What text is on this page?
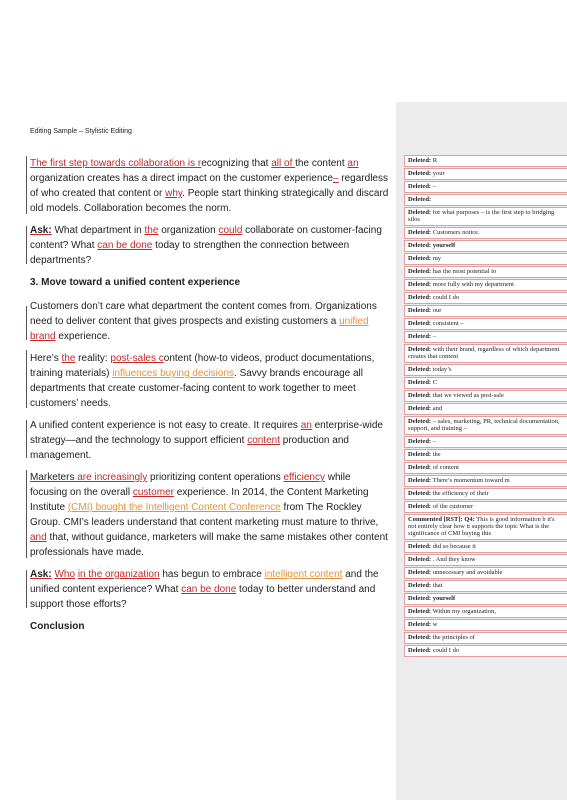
Editing Sample – Stylistic Editing

The first step towards collaboration is recognizing that all of the content an organization creates has a direct impact on the customer experience– regardless of who created that content or why. People start thinking strategically and discard old models. Collaboration becomes the norm.

Ask: What department in the organization could collaborate on customer-facing content? What can be done today to strengthen the connection between departments?

3. Move toward a unified content experience

Customers don’t care what department the content comes from. Organizations need to deliver content that gives prospects and existing customers a unified brand experience.

Here’s the reality: post-sales content (how-to videos, product documentations, training materials) influences buying decisions. Savvy brands encourage all departments that create customer-facing content to work together to meet customers’ needs.

A unified content experience is not easy to create. It requires an enterprise-wide strategy—and the technology to support efficient content production and management.

Marketers are increasingly prioritizing content operations efficiency while focusing on the overall customer experience. In 2014, the Content Marketing Institute (CMI) bought the Intelligent Content Conference from The Rockley Group. CMI’s leaders understand that content marketing must mature to thrive, and that, without guidance, marketers will make the same mistakes other content professionals have made.

Ask: Who in the organization has begun to embrace intelligent content and the unified content experience? What can be done today to better understand and support those efforts?

Conclusion

Deleted: R
Deleted: your
Deleted: –
Deleted:
Deleted: for what purposes – is the first step to bridging silos
Deleted: Customers notice.
Deleted: yourself
Deleted: my
Deleted: has the most potential to
Deleted: more fully with my department
Deleted: could I do
Deleted: our
Deleted: consistent –
Deleted: –
Deleted: with their brand, regardless of which department creates that content
Deleted: today’s
Deleted: C
Deleted: that we viewed as post-sale
Deleted: and
Deleted: – sales, marketing, PR, technical documentation, support, and training –
Deleted: –
Deleted: the
Deleted: of content
Deleted: There’s momentum toward m
Deleted: the efficiency of their
Deleted: of the customer
Commented [RST]: Q4: This is good information b it's not entirely clear how it supports the topic What is the significance of CMI buying this
Deleted: did so because it
Deleted: . And they know
Deleted: unnecessary and avoidable
Deleted: that
Deleted: yourself
Deleted: Within my organization,
Deleted: w
Deleted: the principles of
Deleted: could I do
